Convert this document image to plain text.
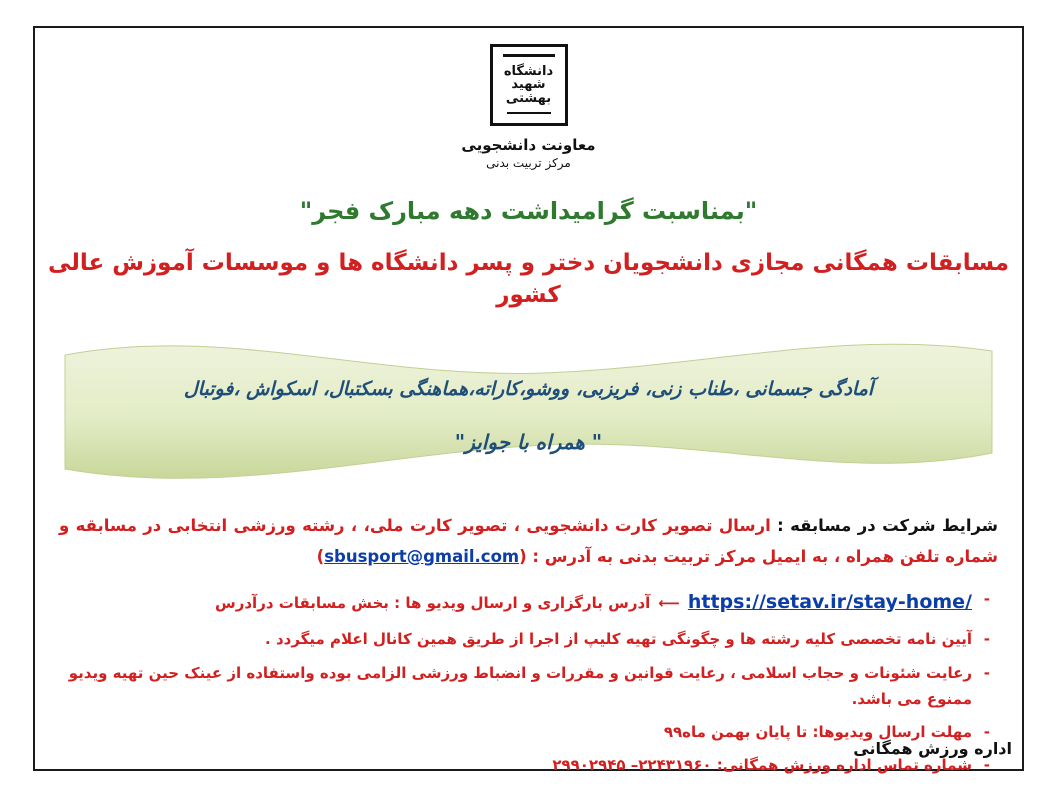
دانشگاه شهید بهشتی
معاونت دانشجویی
مرکز تربیت بدنی
"بمناسبت گرامیداشت دهه مبارک فجر"
مسابقات همگانی مجازی دانشجویان دختر و پسر دانشگاه ها و موسسات آموزش عالی کشور
آمادگی جسمانی ،طناب زنی، فریزبی، ووشو،کاراته،هماهنگی بسکتبال، اسکواش ،فوتبال
" همراه با جوایز"
شرایط شرکت در مسابقه : ارسال تصویر کارت دانشجویی ، تصویر کارت ملی، ، رشته ورزشی انتخابی در مسابقه و شماره تلفن همراه ، به ایمیل مرکز تربیت بدنی به آدرس : (sbusport@gmail.com)
- https://setav.ir/stay-home/
⟵
آدرس بارگزاری و ارسال ویدیو ها : بخش مسابقات درآدرس
- آیین نامه تخصصی کلیه رشته ها و چگونگی تهیه کلیپ از اجرا از طریق همین کانال اعلام میگردد .
- رعایت شئونات و حجاب اسلامی ، رعایت قوانین و مقررات و انضباط ورزشی الزامی بوده واستفاده از عینک حین تهیه ویدیو ممنوع می باشد.
- مهلت ارسال ویدیوها: تا پایان بهمن ماه۹۹
- شماره تماس اداره ورزش همگانی: ۲۹۹۰۲۹۴۵ –۲۲۴۳۱۹۶۰
اداره ورزش همگانی
